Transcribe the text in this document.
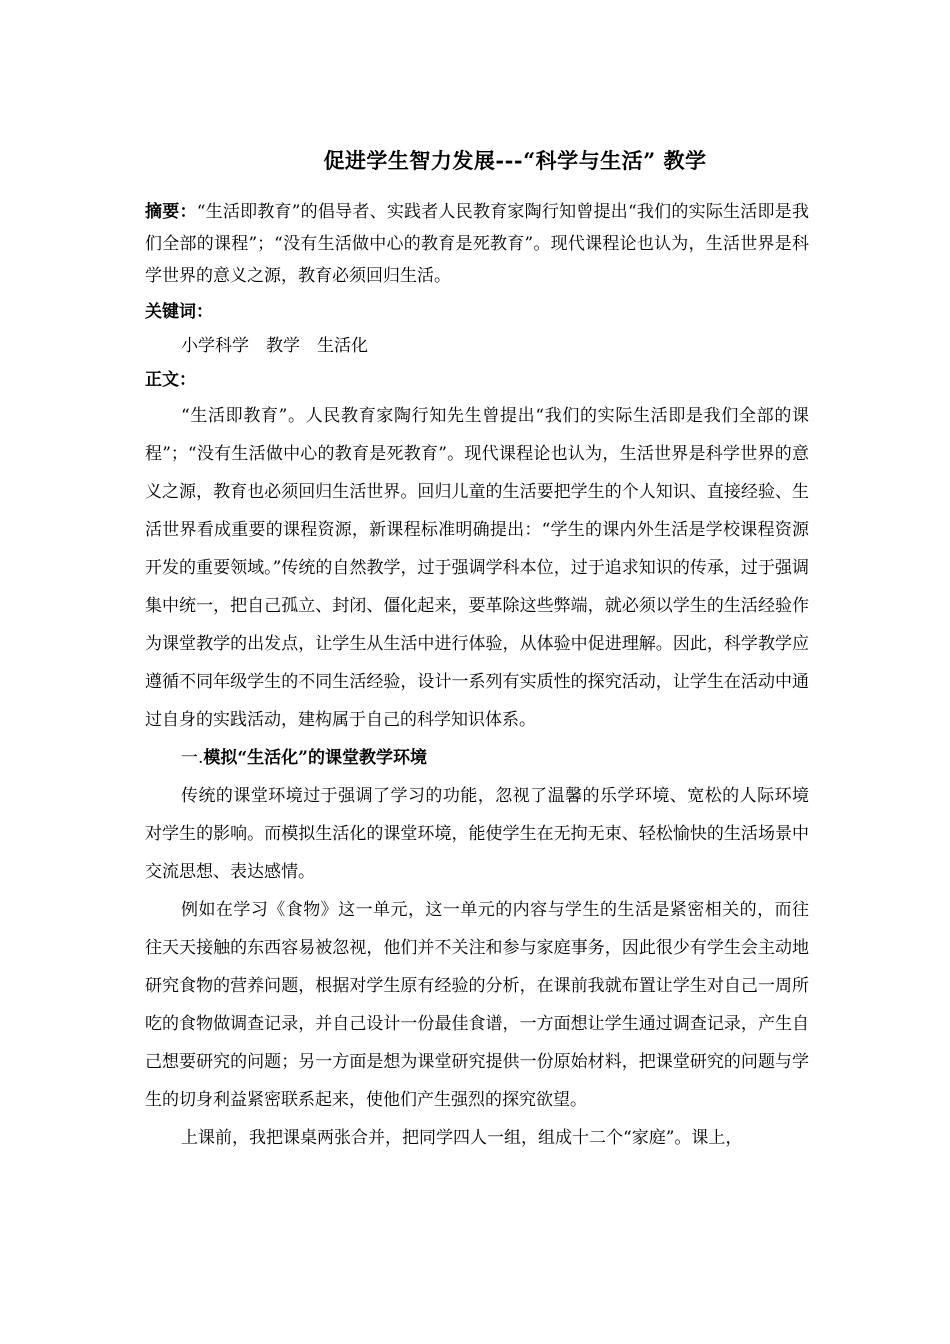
促进学生智力发展---“科学与生活” 教学

摘要：“生活即教育”的倡导者、实践者人民教育家陶行知曾提出“我们的实际生活即是我们全部的课程”；“没有生活做中心的教育是死教育”。现代课程论也认为，生活世界是科学世界的意义之源，教育必须回归生活。

关键词：

小学科学　教学　生活化

正文：

“生活即教育”。人民教育家陶行知先生曾提出“我们的实际生活即是我们全部的课程”；“没有生活做中心的教育是死教育”。现代课程论也认为，生活世界是科学世界的意义之源，教育也必须回归生活世界。回归儿童的生活要把学生的个人知识、直接经验、生活世界看成重要的课程资源，新课程标准明确提出：“学生的课内外生活是学校课程资源开发的重要领域。”传统的自然教学，过于强调学科本位，过于追求知识的传承，过于强调集中统一，把自己孤立、封闭、僵化起来，要革除这些弊端，就必须以学生的生活经验作为课堂教学的出发点，让学生从生活中进行体验，从体验中促进理解。因此，科学教学应遵循不同年级学生的不同生活经验，设计一系列有实质性的探究活动，让学生在活动中通过自身的实践活动，建构属于自己的科学知识体系。

一.模拟“生活化”的课堂教学环境

传统的课堂环境过于强调了学习的功能，忽视了温馨的乐学环境、宽松的人际环境对学生的影响。而模拟生活化的课堂环境，能使学生在无拘无束、轻松愉快的生活场景中交流思想、表达感情。

例如在学习《食物》这一单元，这一单元的内容与学生的生活是紧密相关的，而往往天天接触的东西容易被忽视，他们并不关注和参与家庭事务，因此很少有学生会主动地研究食物的营养问题，根据对学生原有经验的分析，在课前我就布置让学生对自己一周所吃的食物做调查记录，并自己设计一份最佳食谱，一方面想让学生通过调查记录，产生自己想要研究的问题；另一方面是想为课堂研究提供一份原始材料，把课堂研究的问题与学生的切身利益紧密联系起来，使他们产生强烈的探究欲望。

上课前，我把课桌两张合并，把同学四人一组，组成十二个“家庭”。课上，
